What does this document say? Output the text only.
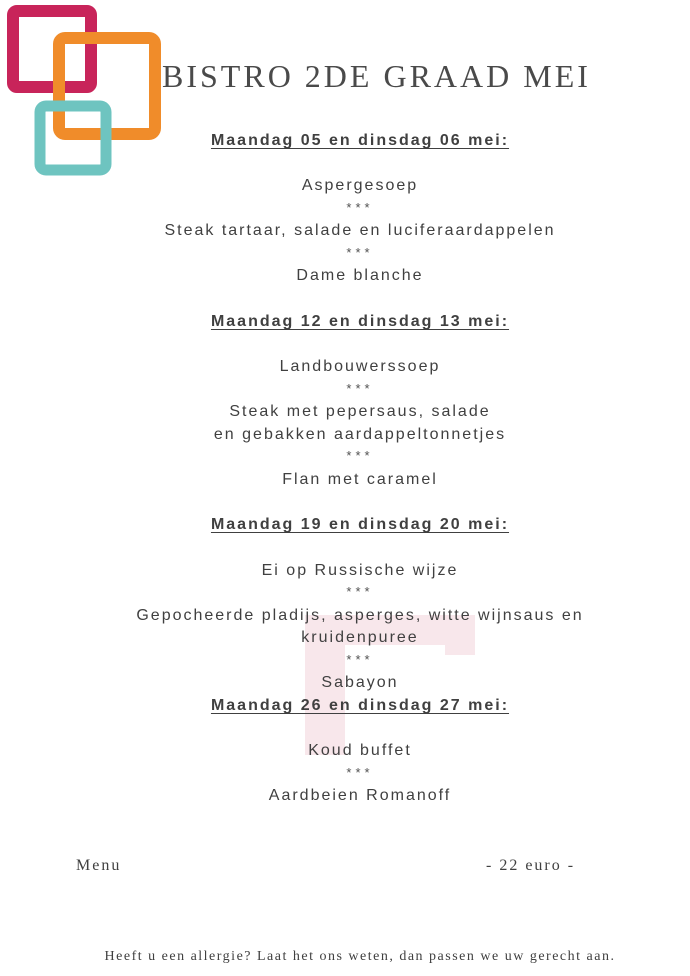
BISTRO 2DE GRAAD MEI
Maandag 05 en dinsdag 06 mei:
Aspergesoep
***
Steak tartaar, salade en luciferaardappelen
***
Dame blanche
Maandag 12 en dinsdag 13 mei:
Landbouwerssoep
***
Steak met pepersaus, salade
en gebakken aardappeltonnetjes
***
Flan met caramel
Maandag 19 en dinsdag 20 mei:
Ei op Russische wijze
***
Gepocheerde pladijs, asperges, witte wijnsaus en
kruidenpuree
***
Sabayon
Maandag 26 en dinsdag 27 mei:
Koud buffet
***
Aardbeien Romanoff
Menu	- 22 euro -
Heeft u een allergie? Laat het ons weten, dan passen we uw gerecht aan.
